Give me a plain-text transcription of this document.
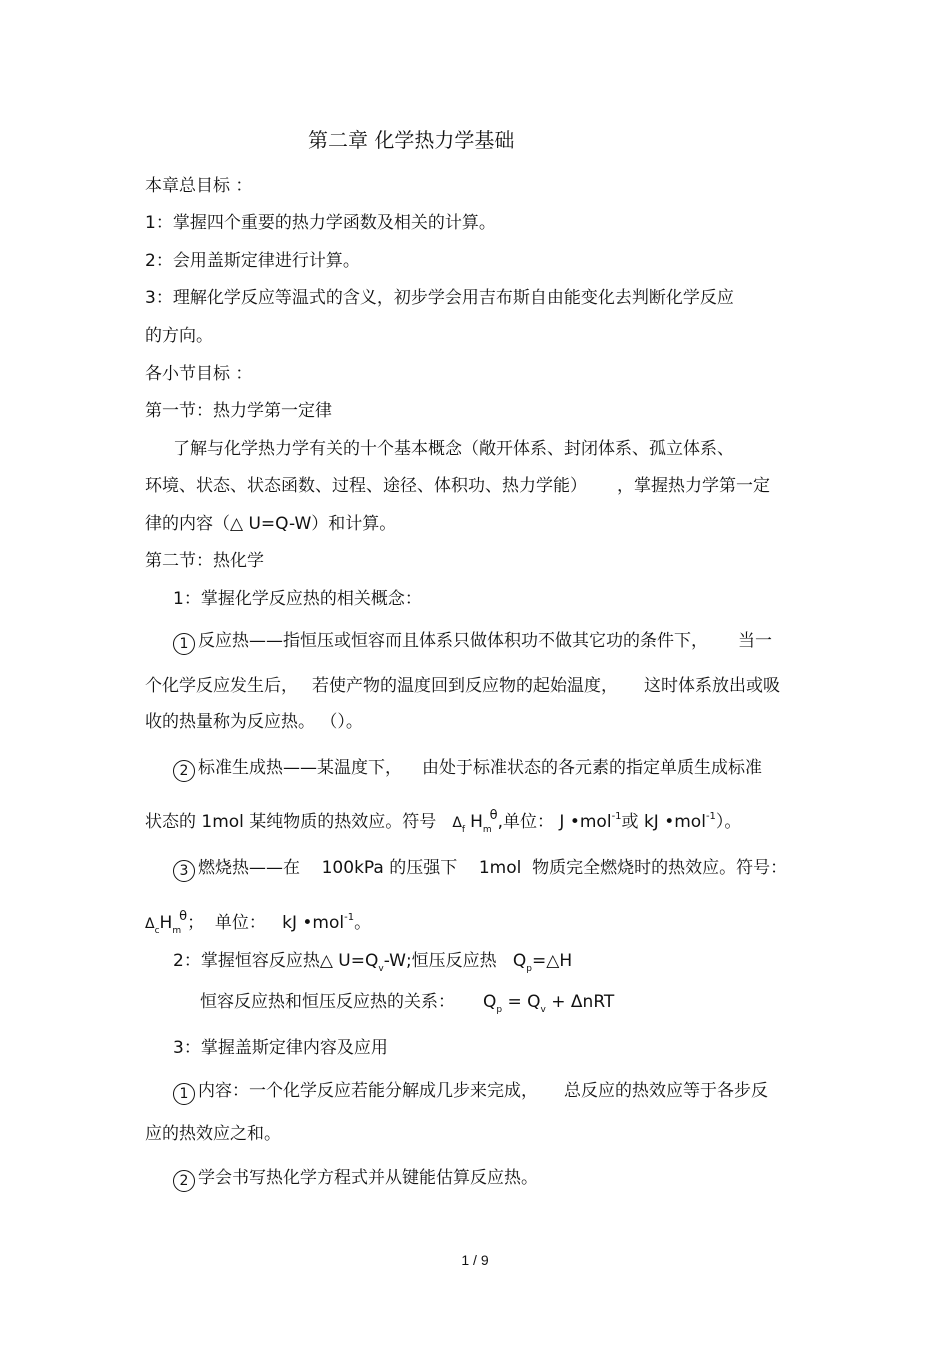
第二章 化学热力学基础
本章总目标 ：
1：掌握四个重要的热力学函数及相关的计算。
2：会用盖斯定律进行计算。
3：理解化学反应等温式的含义，初步学会用吉布斯自由能变化去判断化学反应
的方向。
各小节目标 ：
第一节：热力学第一定律
了解与化学热力学有关的十个基本概念（敞开体系、封闭体系、孤立体系、
环境、状态、状态函数、过程、途径、体积功、热力学能） ，掌握热力学第一定
律的内容（△ U=Q-W）和计算。
第二节：热化学
1：掌握化学反应热的相关概念：
1 反应热——指恒压或恒容而且体系只做体积功不做其它功的条件下， 当一
个化学反应发生后， 若使产物的温度回到反应物的起始温度， 这时体系放出或吸
收的热量称为反应热。 （）。
2 标准生成热——某温度下， 由处于标准状态的各元素的指定单质生成标准
状态的 1mol 某纯物质的热效应。符号 $\Delta_f$ $H_m^\theta$,单位： J •mol$^{-1}$或 kJ •mol$^{-1}$）。
3 燃烧热——在    100kPa 的压强下    1mol  物质完全燃烧时的热效应。符号：
$\Delta_cH_m^\theta$；  单位：   kJ •mol$^{-1}$。
2：掌握恒容反应热△ $U=Q_v-W$;恒压反应热   $Q_p=\triangle H$
恒容反应热和恒压反应热的关系： $Q_p = Q_v + \Delta nRT$
3：掌握盖斯定律内容及应用
1 内容：一个化学反应若能分解成几步来完成， 总反应的热效应等于各步反
应的热效应之和。
2 学会书写热化学方程式并从键能估算反应热。
1 / 9
